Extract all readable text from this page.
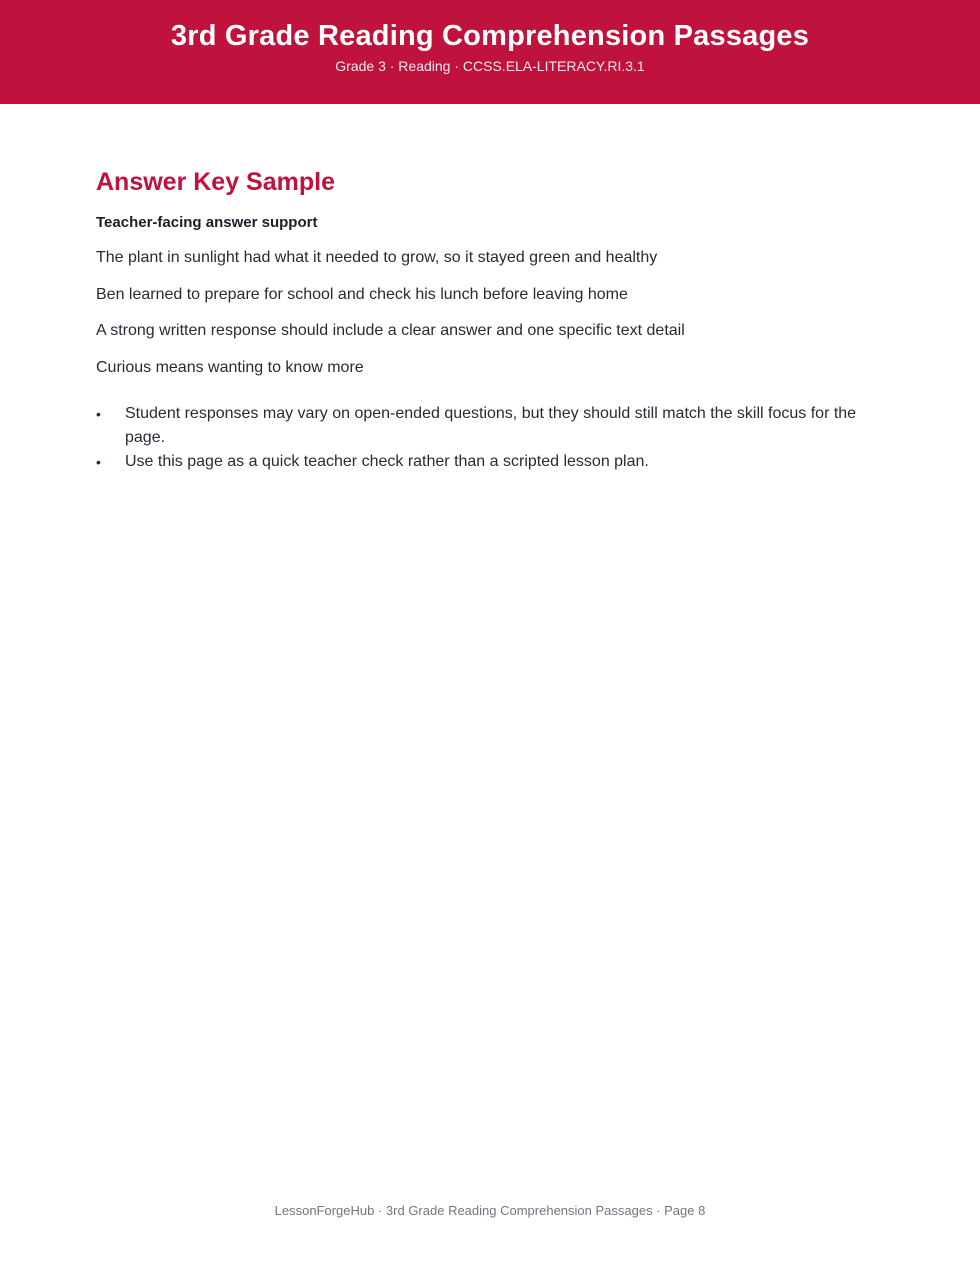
3rd Grade Reading Comprehension Passages
Grade 3 · Reading · CCSS.ELA-LITERACY.RI.3.1
Answer Key Sample
Teacher-facing answer support

The plant in sunlight had what it needed to grow, so it stayed green and healthy

Ben learned to prepare for school and check his lunch before leaving home

A strong written response should include a clear answer and one specific text detail

Curious means wanting to know more

• Student responses may vary on open-ended questions, but they should still match the skill focus for the page.
• Use this page as a quick teacher check rather than a scripted lesson plan.
LessonForgeHub · 3rd Grade Reading Comprehension Passages · Page 8
